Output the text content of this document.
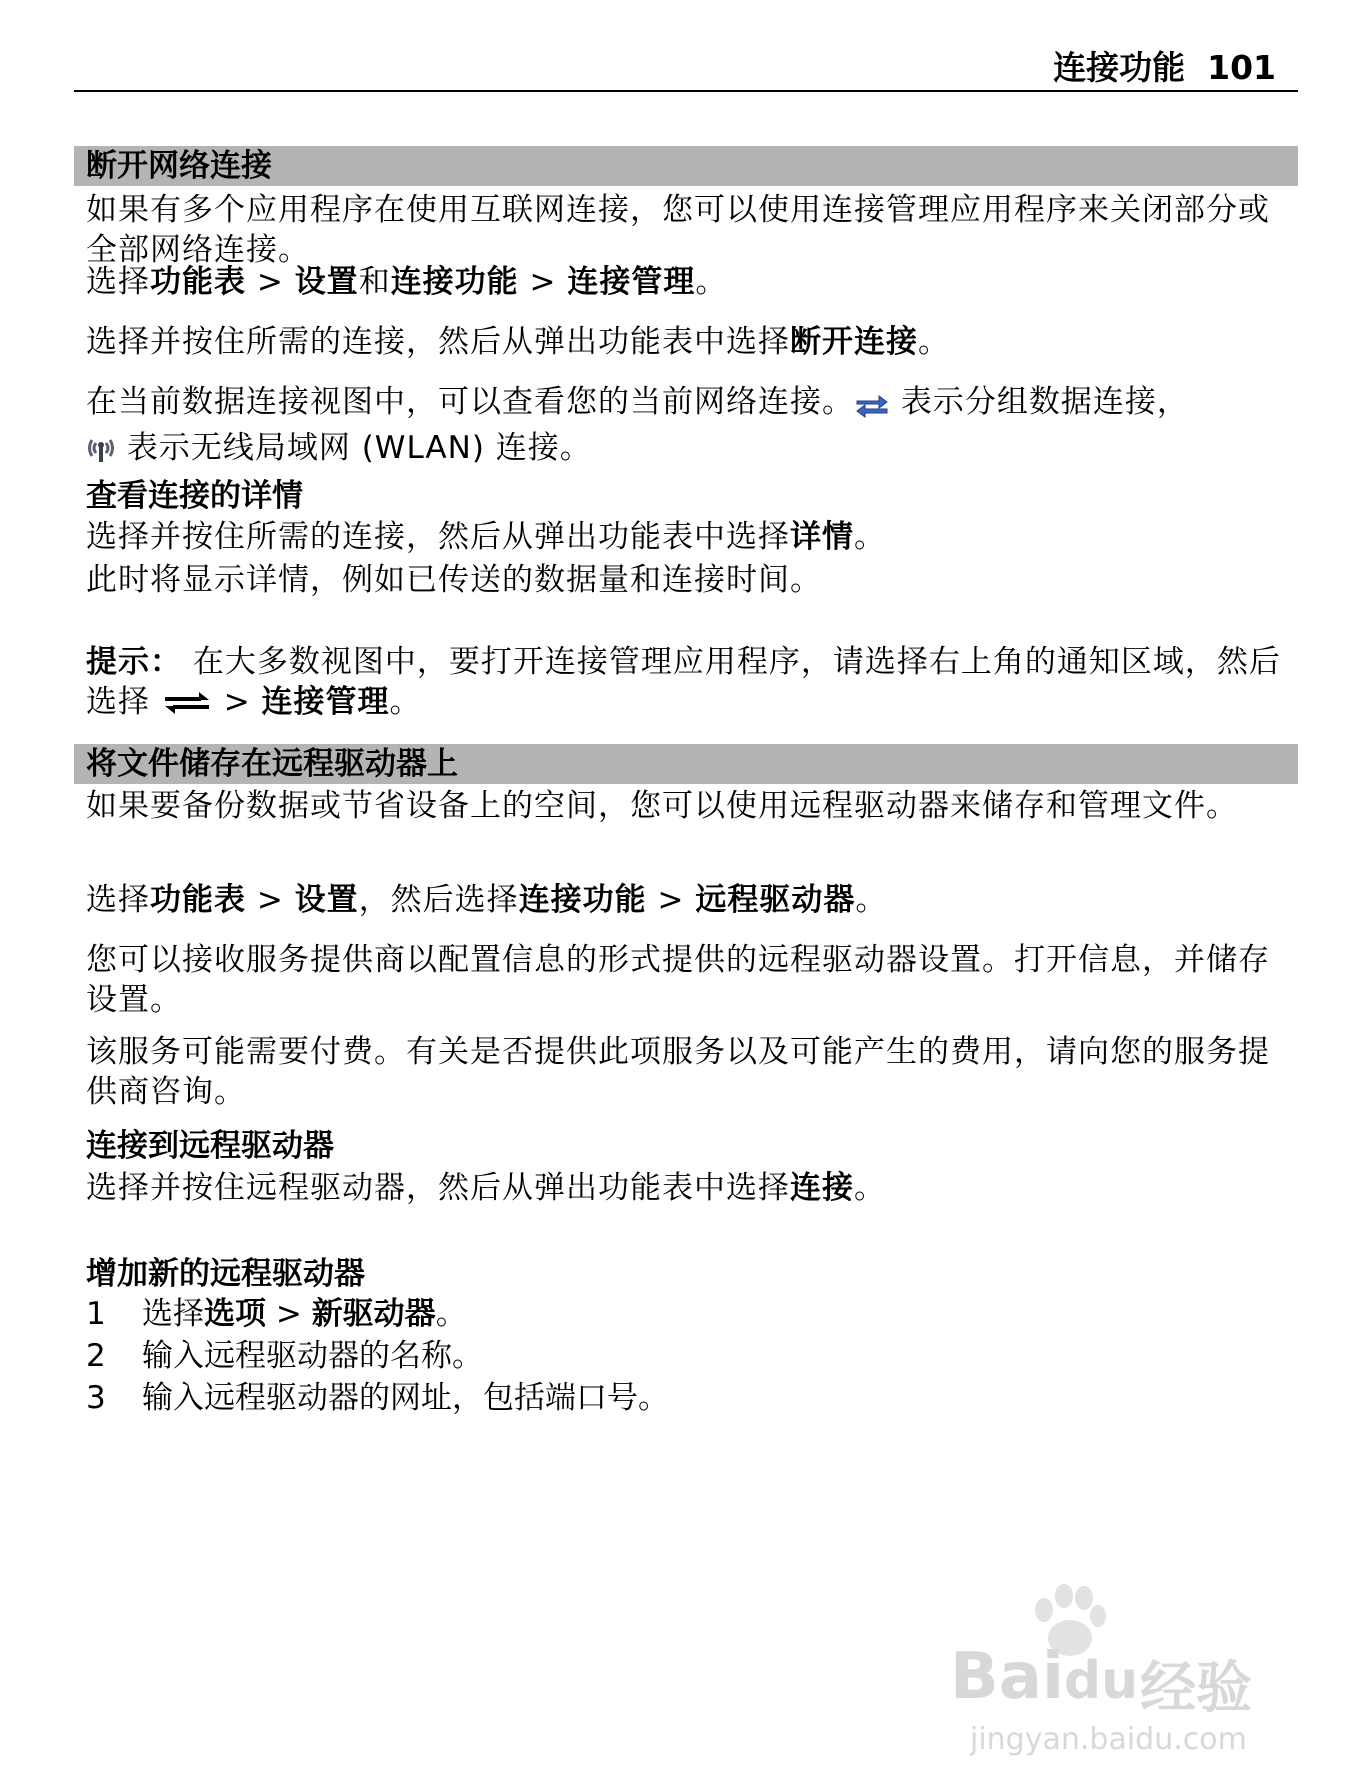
连接功能 101
断开网络连接
如果有多个应用程序在使用互联网连接，您可以使用连接管理应用程序来关闭部分或全部网络连接。
选择功能表 > 设置和连接功能 > 连接管理。
选择并按住所需的连接，然后从弹出功能表中选择断开连接。
在当前数据连接视图中，可以查看您的当前网络连接。 表示分组数据连接，
表示无线局域网 (WLAN) 连接。
查看连接的详情
选择并按住所需的连接，然后从弹出功能表中选择详情。
此时将显示详情，例如已传送的数据量和连接时间。
提示： 在大多数视图中，要打开连接管理应用程序，请选择右上角的通知区域，然后选择  > 连接管理。
将文件储存在远程驱动器上
如果要备份数据或节省设备上的空间，您可以使用远程驱动器来储存和管理文件。
选择功能表 > 设置，然后选择连接功能 > 远程驱动器。
您可以接收服务提供商以配置信息的形式提供的远程驱动器设置。打开信息，并储存设置。
该服务可能需要付费。有关是否提供此项服务以及可能产生的费用，请向您的服务提供商咨询。
连接到远程驱动器
选择并按住远程驱动器，然后从弹出功能表中选择连接。
增加新的远程驱动器
1 选择选项 > 新驱动器。
2 输入远程驱动器的名称。
3 输入远程驱动器的网址，包括端口号。
Baidu 经验
jingyan.baidu.com
